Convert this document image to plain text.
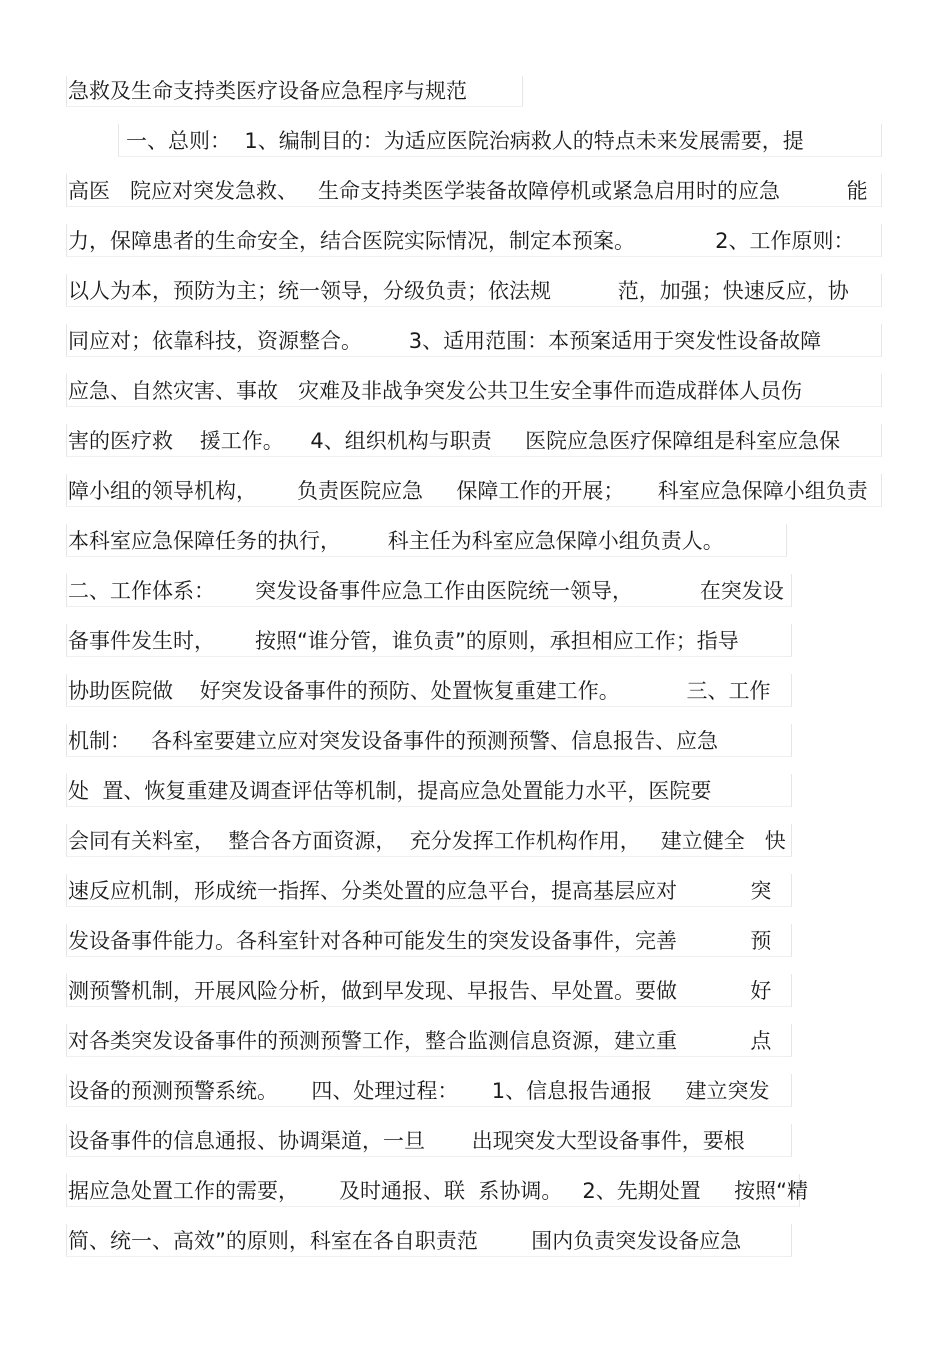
急救及生命支持类医疗设备应急程序与规范
一、总则：  1、编制目的：为适应医院治病救人的特点未来发展需要，提
高医   院应对突发急救、   生命支持类医学装备故障停机或紧急启用时的应急          能
力，保障患者的生命安全，结合医院实际情况，制定本预案。            2、工作原则：
以人为本，预防为主；统一领导，分级负责；依法规          范，加强；快速反应，协
同应对；依靠科技，资源整合。       3、适用范围：本预案适用于突发性设备故障
应急、自然灾害、事故   灾难及非战争突发公共卫生安全事件而造成群体人员伤
害的医疗救    援工作。    4、组织机构与职责     医院应急医疗保障组是科室应急保
障小组的领导机构，      负责医院应急     保障工作的开展；     科室应急保障小组负责
本科室应急保障任务的执行，       科主任为科室应急保障小组负责人。
二、工作体系：      突发设备事件应急工作由医院统一领导，          在突发设
备事件发生时，      按照“谁分管，谁负责”的原则，承担相应工作；指导
协助医院做    好突发设备事件的预防、处置恢复重建工作。          三、工作
机制：   各科室要建立应对突发设备事件的预测预警、信息报告、应急
处  置、恢复重建及调查评估等机制，提高应急处置能力水平，医院要
会同有关料室，  整合各方面资源，  充分发挥工作机构作用，   建立健全   快
速反应机制，形成统一指挥、分类处置的应急平台，提高基层应对           突
发设备事件能力。各科室针对各种可能发生的突发设备事件，完善           预
测预警机制，开展风险分析，做到早发现、早报告、早处置。要做           好
对各类突发设备事件的预测预警工作，整合监测信息资源，建立重           点
设备的预测预警系统。     四、处理过程：     1、信息报告通报     建立突发
设备事件的信息通报、协调渠道，一旦       出现突发大型设备事件，要根
据应急处置工作的需要，      及时通报、联  系协调。   2、先期处置     按照“精
简、统一、高效”的原则，科室在各自职责范        围内负责突发设备应急
